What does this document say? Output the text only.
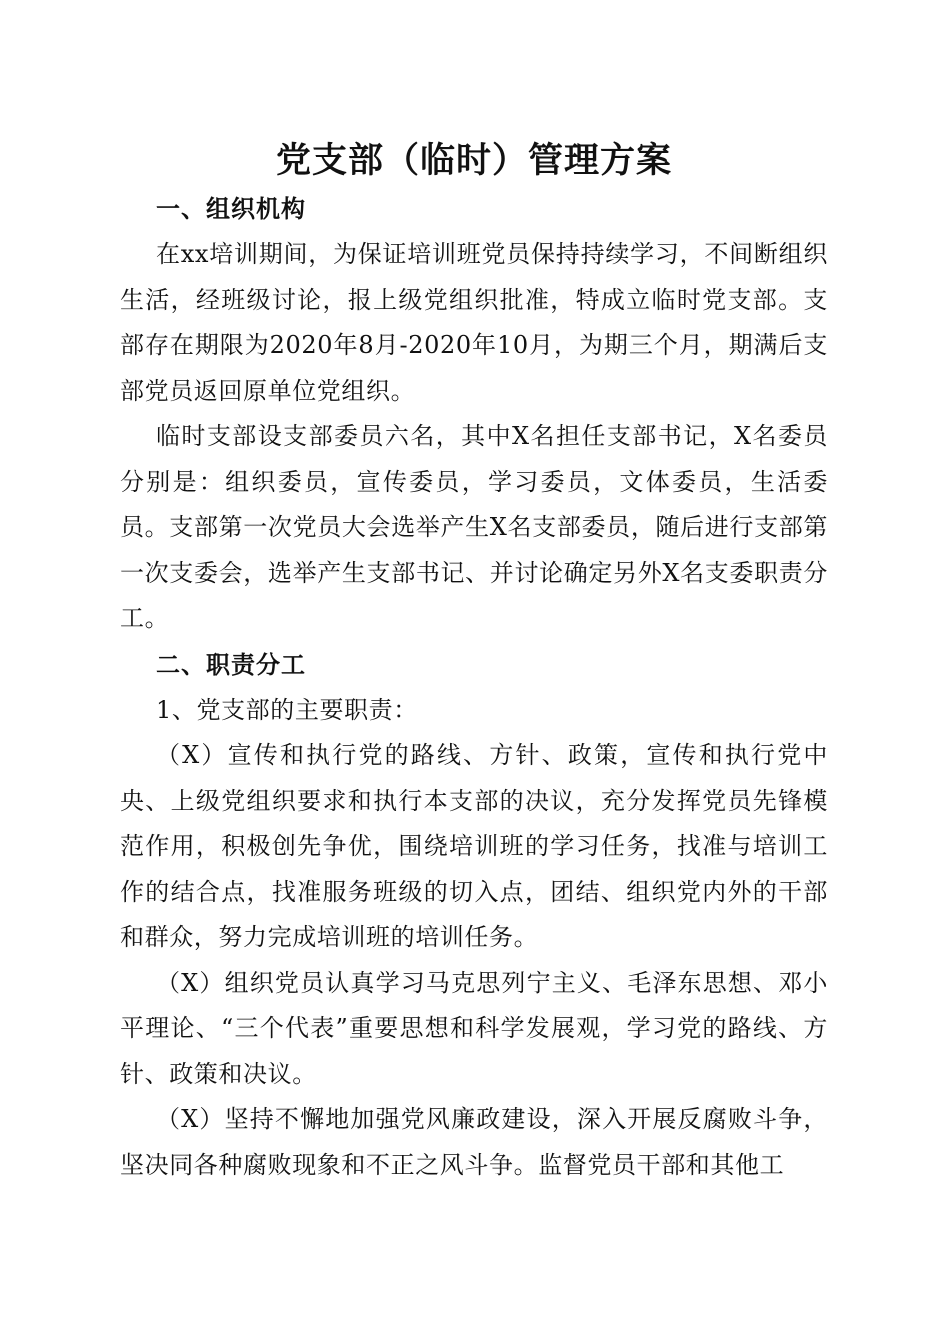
党支部（临时）管理方案
一、组织机构

在xx培训期间，为保证培训班党员保持持续学习，不间断组织生活，经班级讨论，报上级党组织批准，特成立临时党支部。支部存在期限为2020年8月-2020年10月，为期三个月，期满后支部党员返回原单位党组织。

临时支部设支部委员六名，其中X名担任支部书记，X名委员分别是：组织委员，宣传委员，学习委员，文体委员，生活委员。支部第一次党员大会选举产生X名支部委员，随后进行支部第一次支委会，选举产生支部书记、并讨论确定另外X名支委职责分工。

二、职责分工

1、党支部的主要职责：

（X）宣传和执行党的路线、方针、政策，宣传和执行党中央、上级党组织要求和执行本支部的决议，充分发挥党员先锋模范作用，积极创先争优，围绕培训班的学习任务，找准与培训工作的结合点，找准服务班级的切入点，团结、组织党内外的干部和群众，努力完成培训班的培训任务。

（X）组织党员认真学习马克思列宁主义、毛泽东思想、邓小平理论、“三个代表”重要思想和科学发展观，学习党的路线、方针、政策和决议。

（X）坚持不懈地加强党风廉政建设，深入开展反腐败斗争，坚决同各种腐败现象和不正之风斗争。监督党员干部和其他工
